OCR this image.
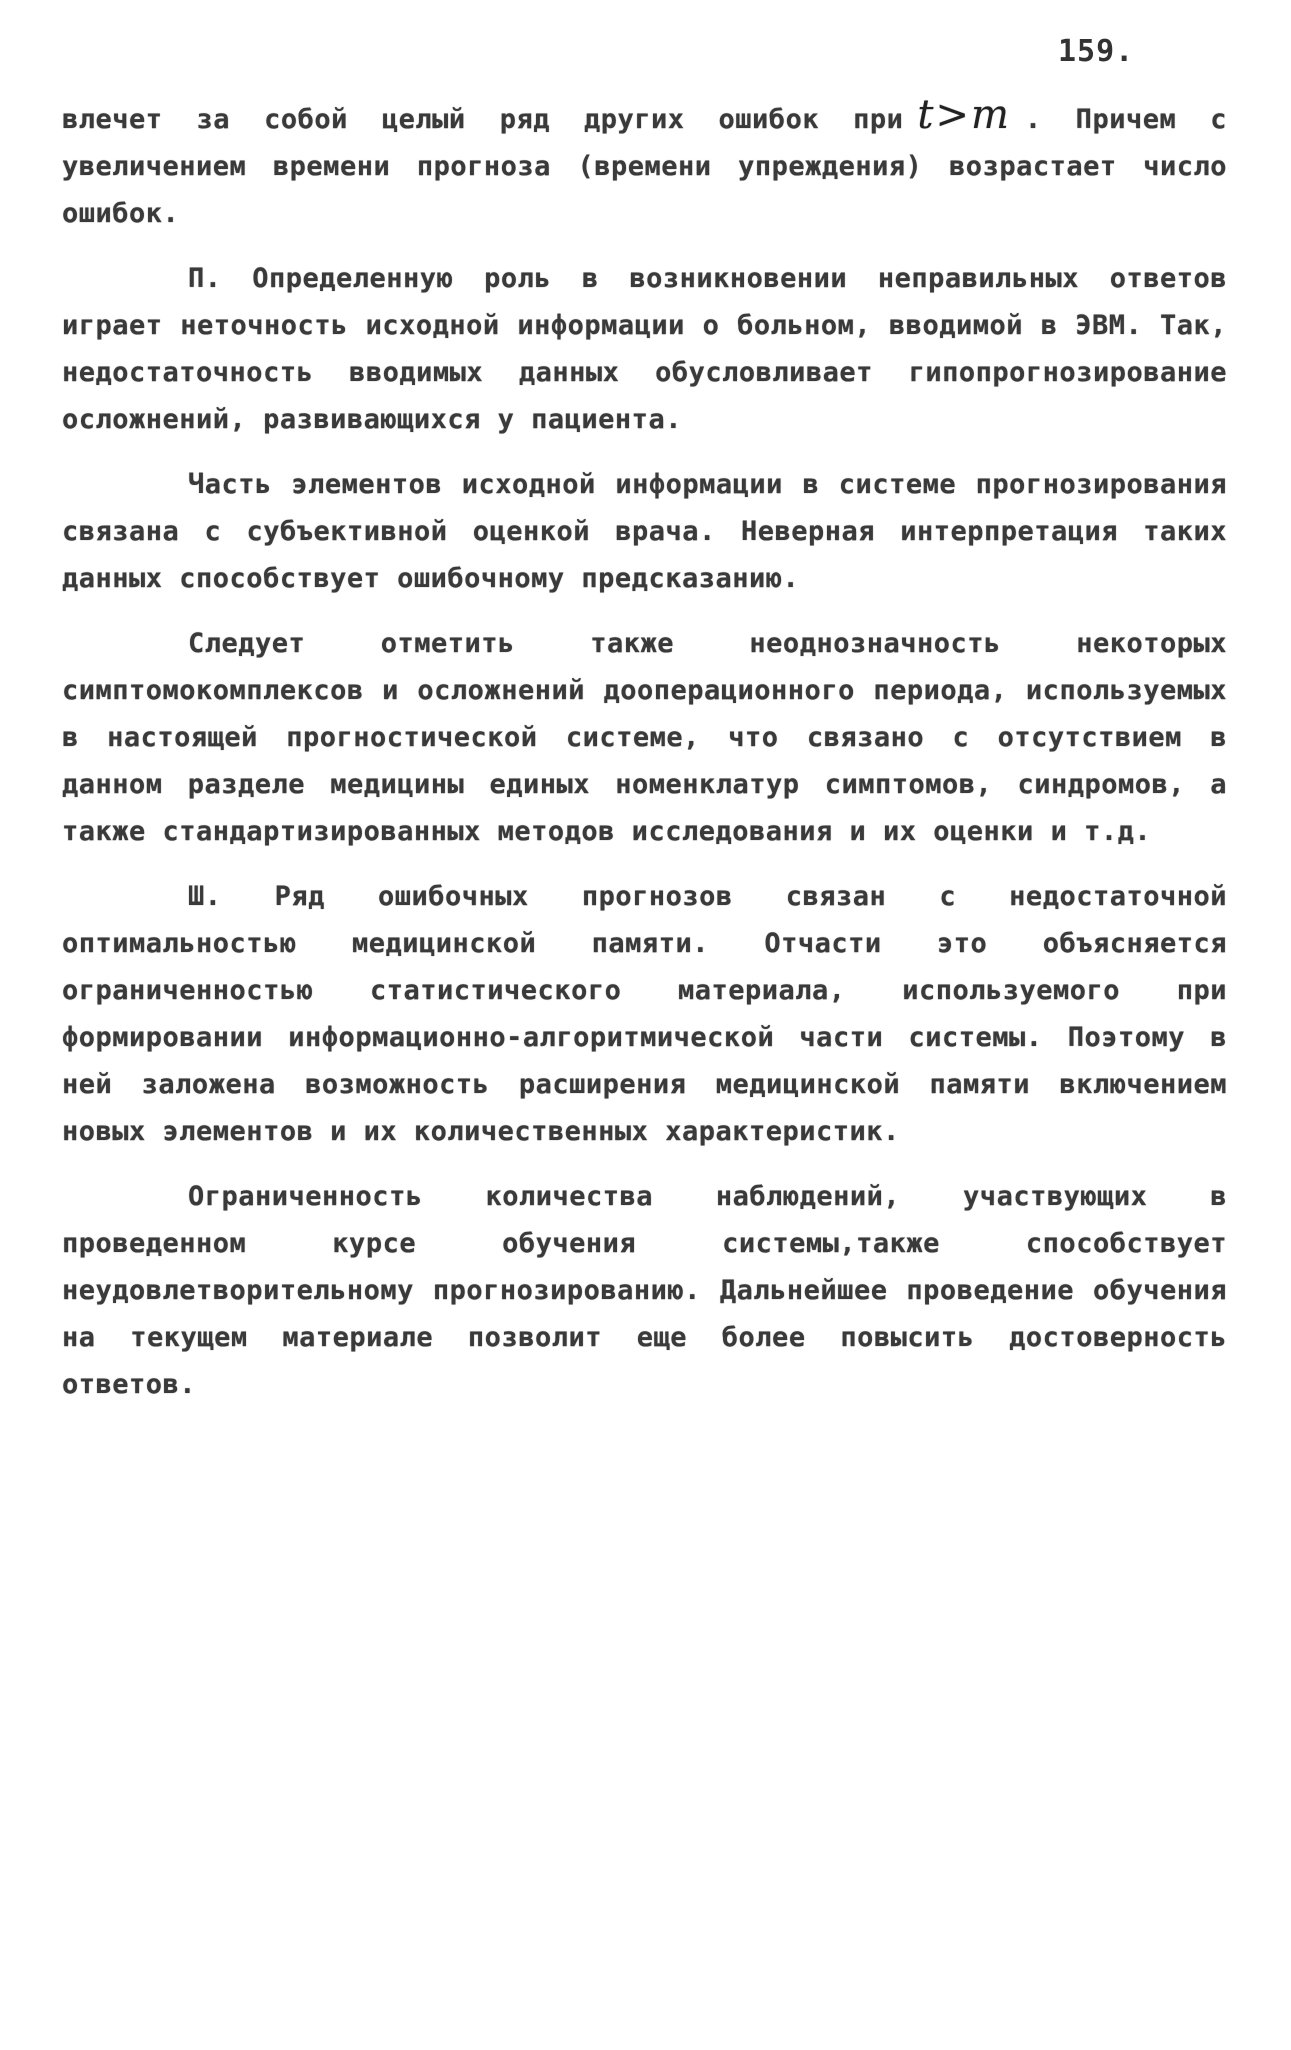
159.

влечет за собой целый ряд других ошибок при t>m . Причем с увеличением времени прогноза (времени упреждения) возрастает число ошибок.

П. Определенную роль в возникновении неправильных ответов играет неточность исходной информации о больном, вводимой в ЭВМ. Так, недостаточность вводимых данных обусловливает гипопрогнозирование осложнений, развивающихся у пациента.

Часть элементов исходной информации в системе прогнозирования связана с субъективной оценкой врача. Неверная интерпретация таких данных способствует ошибочному предсказанию.

Следует отметить также неоднозначность некоторых симптомокомплексов и осложнений дооперационного периода, используемых в настоящей прогностической системе, что связано с отсутствием в данном разделе медицины единых номенклатур симптомов, синдромов, а также стандартизированных методов исследования и их оценки и т.д.

Ш. Ряд ошибочных прогнозов связан с недостаточной оптимальностью медицинской памяти. Отчасти это объясняется ограниченностью статистического материала, используемого при формировании информационно-алгоритмической части системы. Поэтому в ней заложена возможность расширения медицинской памяти включением новых элементов и их количественных характеристик.

Ограниченность количества наблюдений, участвующих в проведенном курсе обучения системы,также способствует неудовлетворительному прогнозированию. Дальнейшее проведение обучения на текущем материале позволит еще более повысить достоверность ответов.
